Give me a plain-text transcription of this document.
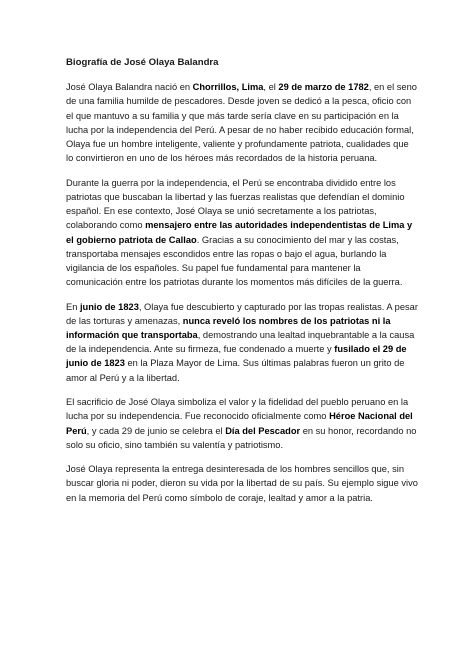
Biografía de José Olaya Balandra

José Olaya Balandra nació en Chorrillos, Lima, el 29 de marzo de 1782, en el seno de una familia humilde de pescadores. Desde joven se dedicó a la pesca, oficio con el que mantuvo a su familia y que más tarde sería clave en su participación en la lucha por la independencia del Perú. A pesar de no haber recibido educación formal, Olaya fue un hombre inteligente, valiente y profundamente patriota, cualidades que lo convirtieron en uno de los héroes más recordados de la historia peruana.

Durante la guerra por la independencia, el Perú se encontraba dividido entre los patriotas que buscaban la libertad y las fuerzas realistas que defendían el dominio español. En ese contexto, José Olaya se unió secretamente a los patriotas, colaborando como mensajero entre las autoridades independentistas de Lima y el gobierno patriota de Callao. Gracias a su conocimiento del mar y las costas, transportaba mensajes escondidos entre las ropas o bajo el agua, burlando la vigilancia de los españoles. Su papel fue fundamental para mantener la comunicación entre los patriotas durante los momentos más difíciles de la guerra.

En junio de 1823, Olaya fue descubierto y capturado por las tropas realistas. A pesar de las torturas y amenazas, nunca reveló los nombres de los patriotas ni la información que transportaba, demostrando una lealtad inquebrantable a la causa de la independencia. Ante su firmeza, fue condenado a muerte y fusilado el 29 de junio de 1823 en la Plaza Mayor de Lima. Sus últimas palabras fueron un grito de amor al Perú y a la libertad.

El sacrificio de José Olaya simboliza el valor y la fidelidad del pueblo peruano en la lucha por su independencia. Fue reconocido oficialmente como Héroe Nacional del Perú, y cada 29 de junio se celebra el Día del Pescador en su honor, recordando no solo su oficio, sino también su valentía y patriotismo.

José Olaya representa la entrega desinteresada de los hombres sencillos que, sin buscar gloria ni poder, dieron su vida por la libertad de su país. Su ejemplo sigue vivo en la memoria del Perú como símbolo de coraje, lealtad y amor a la patria.
